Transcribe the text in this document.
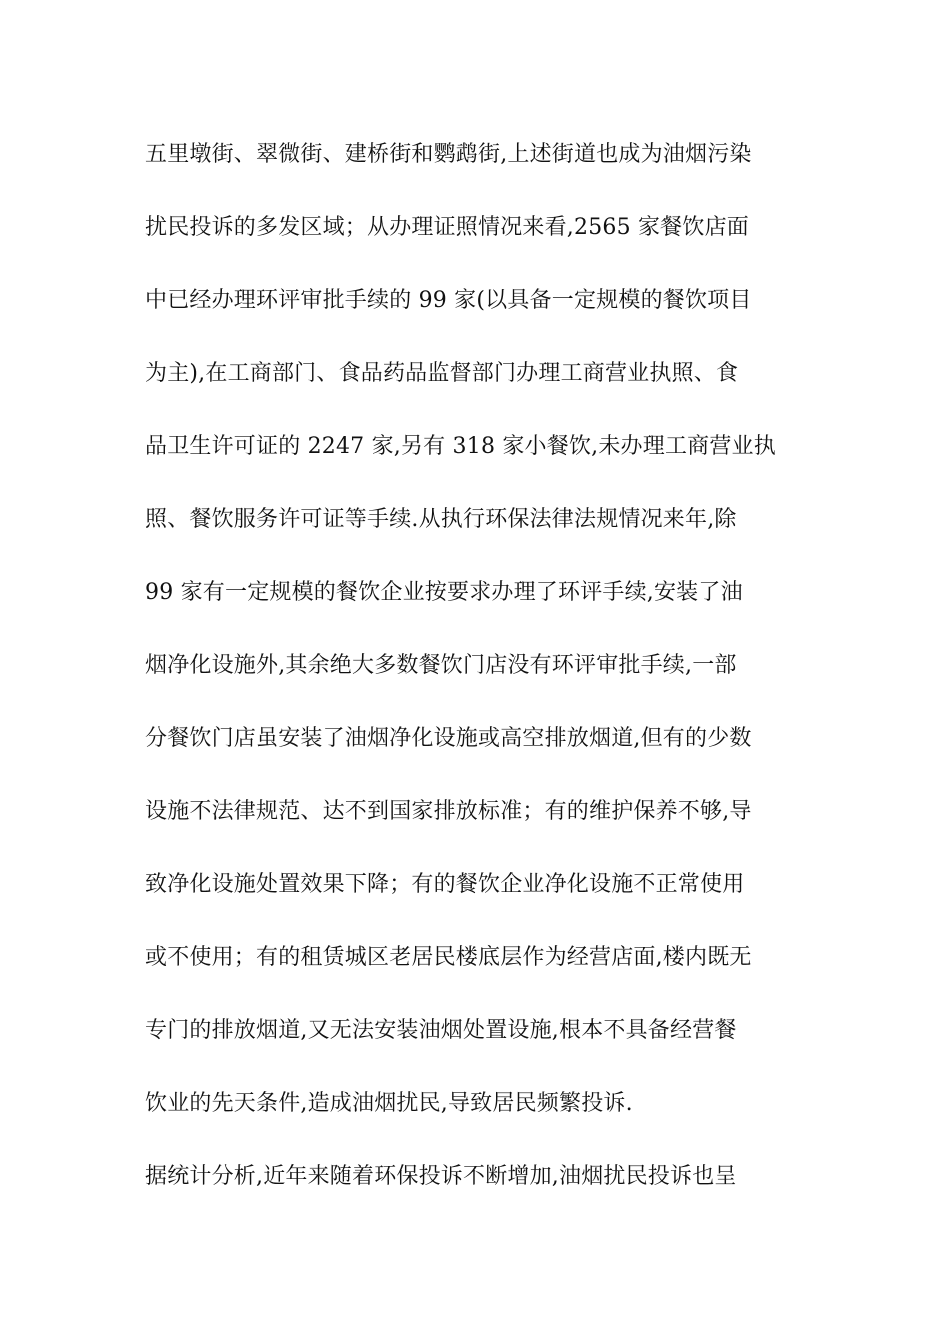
五里墩街、翠微街、建桥街和鹦鹉街,上述街道也成为油烟污染
扰民投诉的多发区域；从办理证照情况来看,2565 家餐饮店面
中已经办理环评审批手续的 99 家(以具备一定规模的餐饮项目
为主),在工商部门、食品药品监督部门办理工商营业执照、食
品卫生许可证的 2247 家,另有 318 家小餐饮,未办理工商营业执
照、餐饮服务许可证等手续.从执行环保法律法规情况来年,除
99 家有一定规模的餐饮企业按要求办理了环评手续,安装了油
烟净化设施外,其余绝大多数餐饮门店没有环评审批手续,一部
分餐饮门店虽安装了油烟净化设施或高空排放烟道,但有的少数
设施不法律规范、达不到国家排放标准；有的维护保养不够,导
致净化设施处置效果下降；有的餐饮企业净化设施不正常使用
或不使用；有的租赁城区老居民楼底层作为经营店面,楼内既无
专门的排放烟道,又无法安装油烟处置设施,根本不具备经营餐
饮业的先天条件,造成油烟扰民,导致居民频繁投诉.
据统计分析,近年来随着环保投诉不断增加,油烟扰民投诉也呈
